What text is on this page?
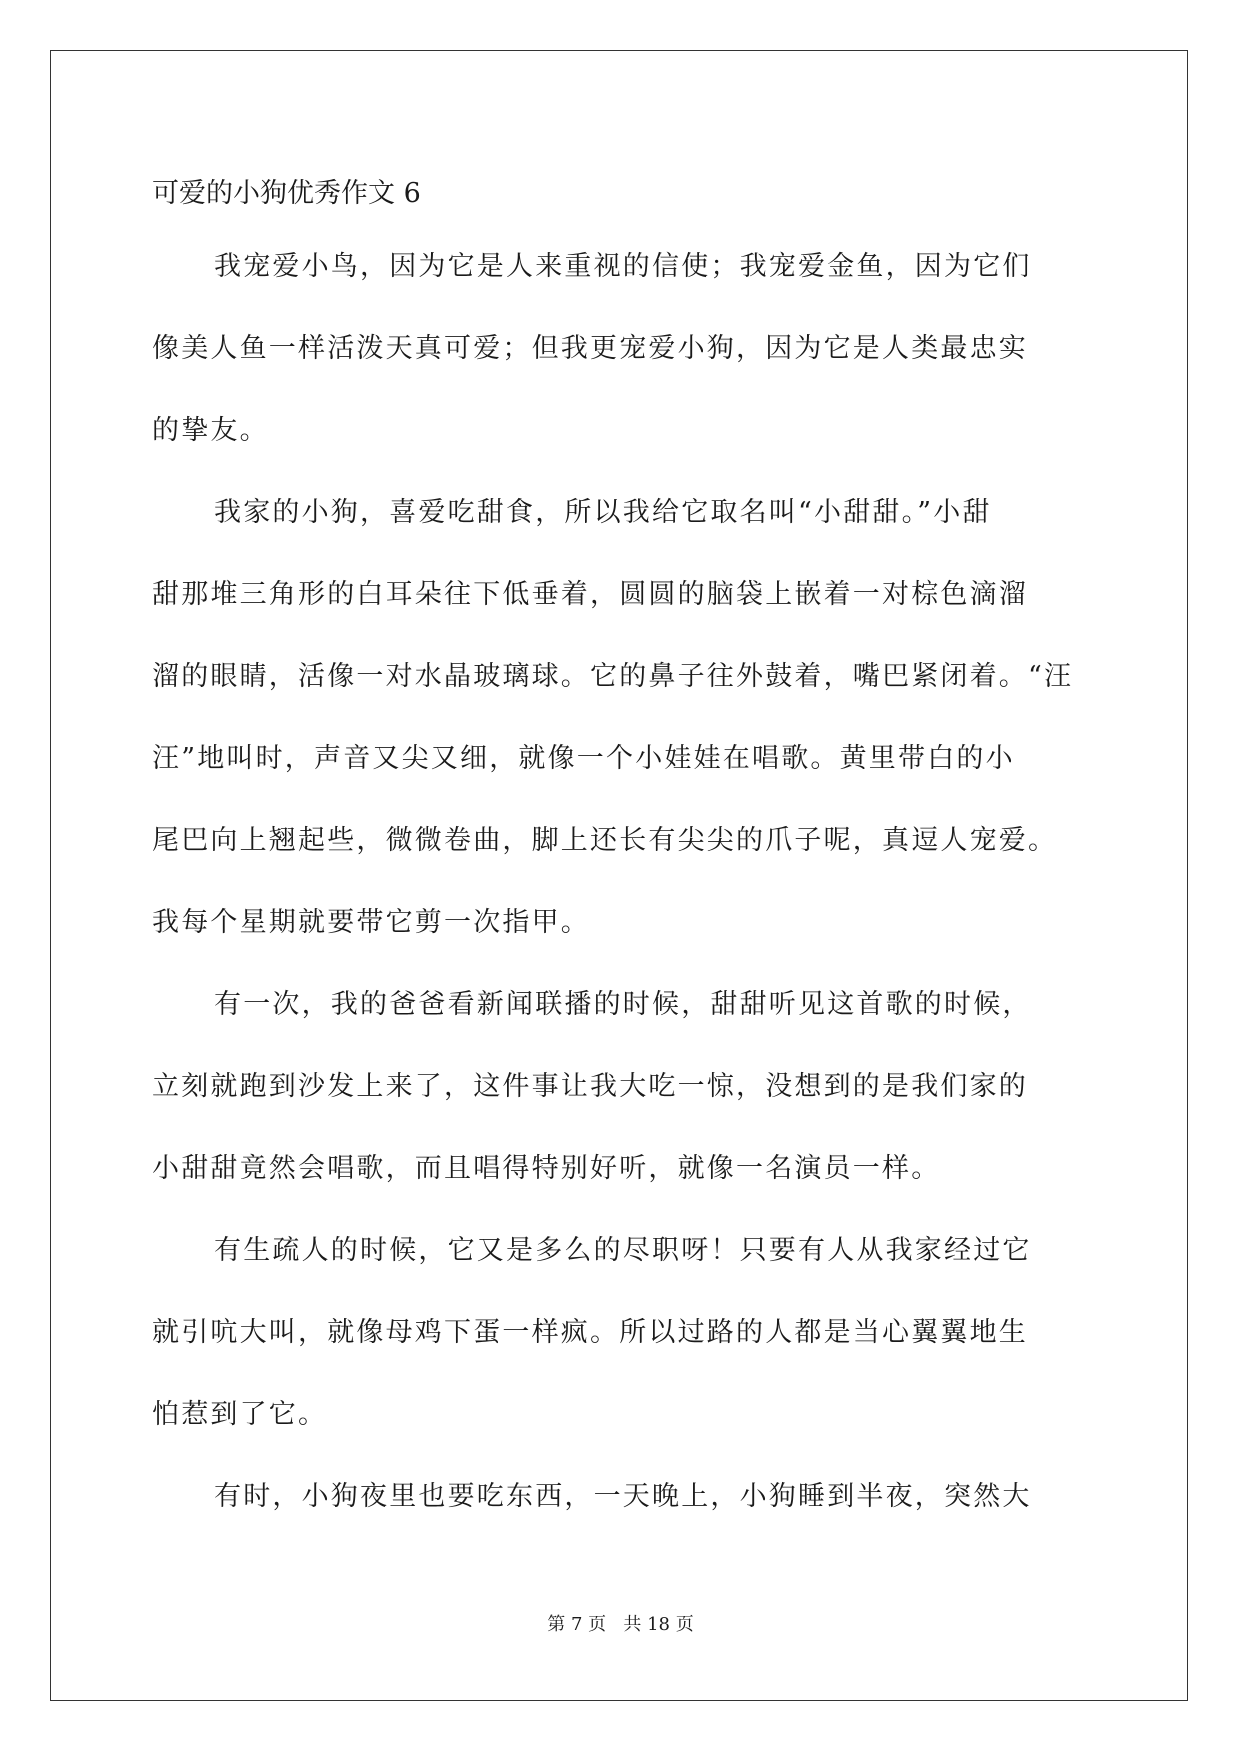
可爱的小狗优秀作文 6

我宠爱小鸟，因为它是人来重视的信使；我宠爱金鱼，因为它们

像美人鱼一样活泼天真可爱；但我更宠爱小狗，因为它是人类最忠实

的挚友。

我家的小狗，喜爱吃甜食，所以我给它取名叫“小甜甜。”小甜

甜那堆三角形的白耳朵往下低垂着，圆圆的脑袋上嵌着一对棕色滴溜

溜的眼睛，活像一对水晶玻璃球。它的鼻子往外鼓着，嘴巴紧闭着。“汪

汪”地叫时，声音又尖又细，就像一个小娃娃在唱歌。黄里带白的小

尾巴向上翘起些，微微卷曲，脚上还长有尖尖的爪子呢，真逗人宠爱。

我每个星期就要带它剪一次指甲。

有一次，我的爸爸看新闻联播的时候，甜甜听见这首歌的时候，

立刻就跑到沙发上来了，这件事让我大吃一惊，没想到的是我们家的

小甜甜竟然会唱歌，而且唱得特别好听，就像一名演员一样。

有生疏人的时候，它又是多么的尽职呀！只要有人从我家经过它

就引吭大叫，就像母鸡下蛋一样疯。所以过路的人都是当心翼翼地生

怕惹到了它。

有时，小狗夜里也要吃东西，一天晚上，小狗睡到半夜，突然大

第 7 页   共 18 页
